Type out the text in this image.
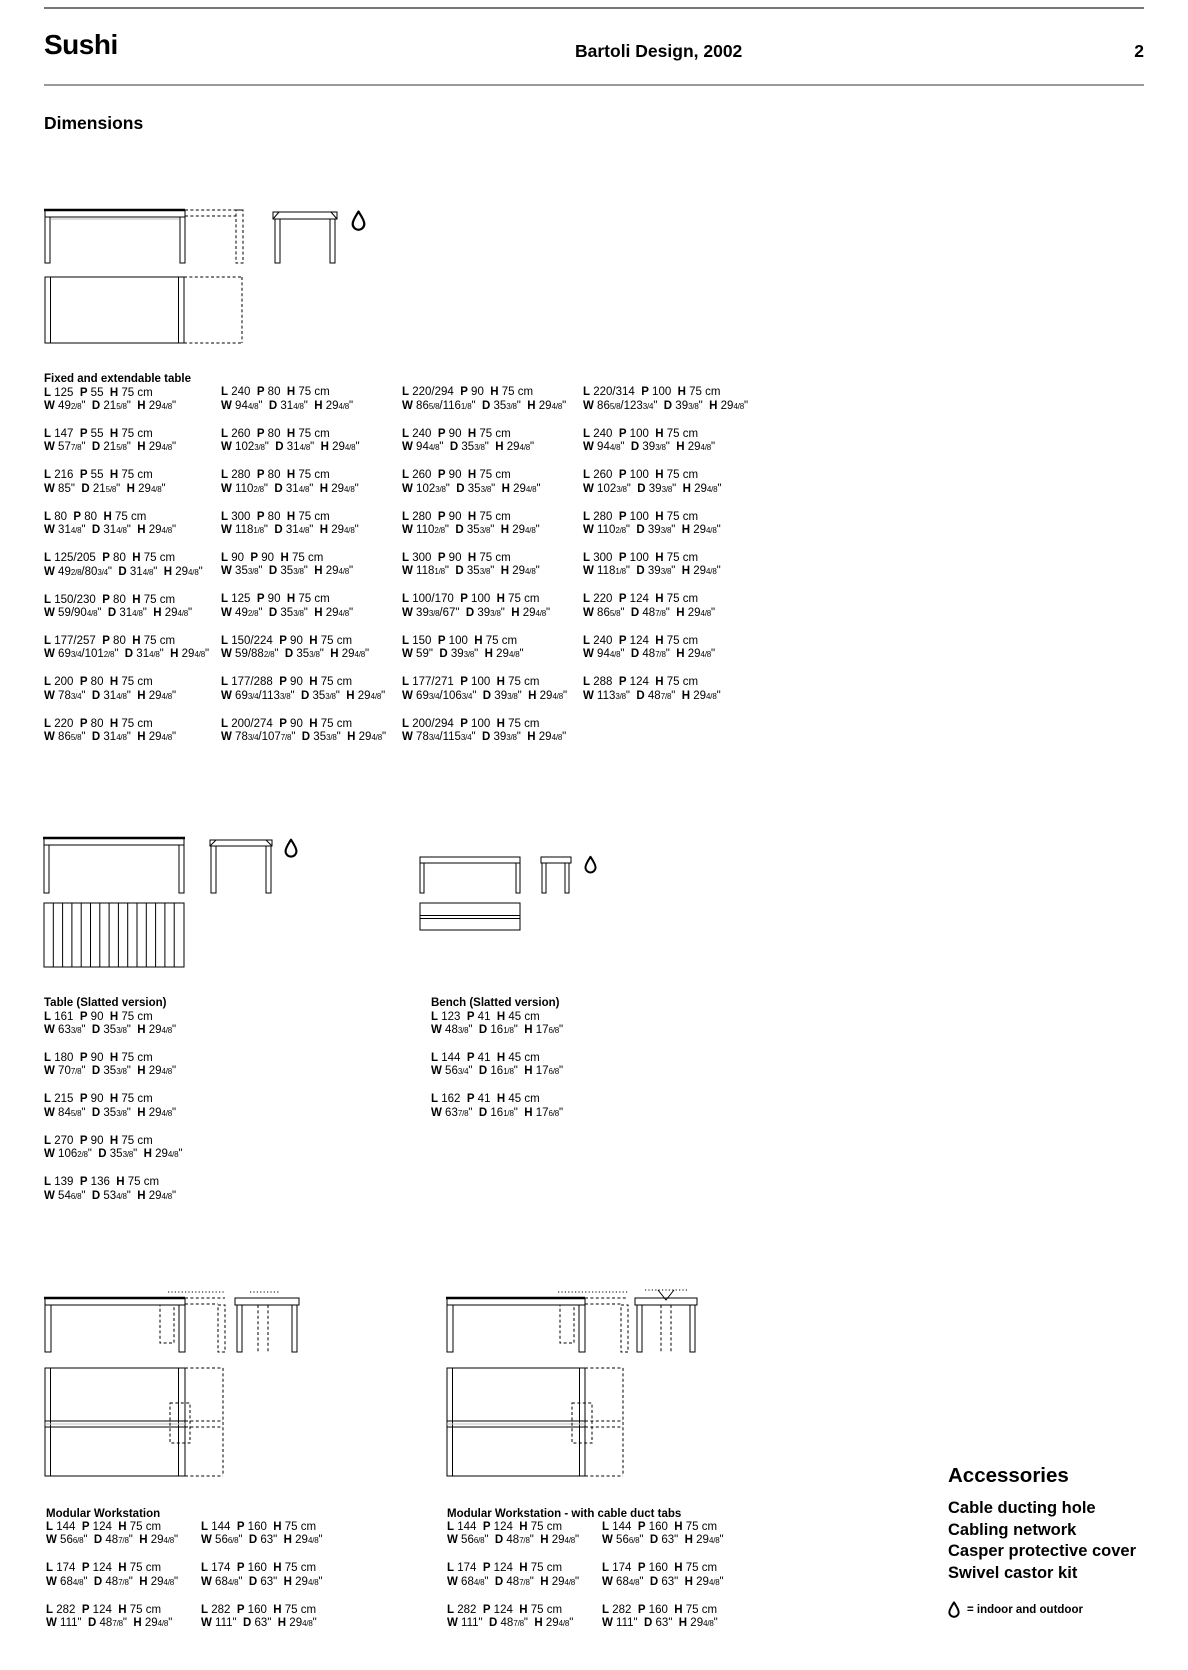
Sushi	Bartoli Design, 2002	2
Dimensions
Fixed and extendable table
L 125  P 55  H 75 cm
W 492/8"  D 215/8"  H 294/8"
L 147  P 55  H 75 cm
W 577/8"  D 215/8"  H 294/8"
L 216  P 55  H 75 cm
W 85"  D 215/8"  H 294/8"
L 80  P 80  H 75 cm
W 314/8"  D 314/8"  H 294/8"
L 125/205  P 80  H 75 cm
W 492/8/803/4"  D 314/8"  H 294/8"
L 150/230  P 80  H 75 cm
W 59/904/8"  D 314/8"  H 294/8"
L 177/257  P 80  H 75 cm
W 693/4/1012/8"  D 314/8"  H 294/8"
L 200  P 80  H 75 cm
W 783/4"  D 314/8"  H 294/8"
L 220  P 80  H 75 cm
W 865/8"  D 314/8"  H 294/8"
L 240  P 80  H 75 cm
W 944/8"  D 314/8"  H 294/8"
L 260  P 80  H 75 cm
W 1023/8"  D 314/8"  H 294/8"
L 280  P 80  H 75 cm
W 1102/8"  D 314/8"  H 294/8"
L 300  P 80  H 75 cm
W 1181/8"  D 314/8"  H 294/8"
L 90  P 90  H 75 cm
W 353/8"  D 353/8"  H 294/8"
L 125  P 90  H 75 cm
W 492/8"  D 353/8"  H 294/8"
L 150/224  P 90  H 75 cm
W 59/882/8"  D 353/8"  H 294/8"
L 177/288  P 90  H 75 cm
W 693/4/1133/8"  D 353/8"  H 294/8"
L 200/274  P 90  H 75 cm
W 783/4/1077/8"  D 353/8"  H 294/8"
L 220/294  P 90  H 75 cm
W 865/8/1161/8"  D 353/8"  H 294/8"
L 240  P 90  H 75 cm
W 944/8"  D 353/8"  H 294/8"
L 260  P 90  H 75 cm
W 1023/8"  D 353/8"  H 294/8"
L 280  P 90  H 75 cm
W 1102/8"  D 353/8"  H 294/8"
L 300  P 90  H 75 cm
W 1181/8"  D 353/8"  H 294/8"
L 100/170  P 100  H 75 cm
W 393/8/67"  D 393/8"  H 294/8"
L 150  P 100  H 75 cm
W 59"  D 393/8"  H 294/8"
L 177/271  P 100  H 75 cm
W 693/4/1063/4"  D 393/8"  H 294/8"
L 200/294  P 100  H 75 cm
W 783/4/1153/4"  D 393/8"  H 294/8"
L 220/314  P 100  H 75 cm
W 865/8/1233/4"  D 393/8"  H 294/8"
L 240  P 100  H 75 cm
W 944/8"  D 393/8"  H 294/8"
L 260  P 100  H 75 cm
W 1023/8"  D 393/8"  H 294/8"
L 280  P 100  H 75 cm
W 1102/8"  D 393/8"  H 294/8"
L 300  P 100  H 75 cm
W 1181/8"  D 393/8"  H 294/8"
L 220  P 124  H 75 cm
W 865/8"  D 487/8"  H 294/8"
L 240  P 124  H 75 cm
W 944/8"  D 487/8"  H 294/8"
L 288  P 124  H 75 cm
W 1133/8"  D 487/8"  H 294/8"
Table (Slatted version)
L 161  P 90  H 75 cm
W 633/8"  D 353/8"  H 294/8"
L 180  P 90  H 75 cm
W 707/8"  D 353/8"  H 294/8"
L 215  P 90  H 75 cm
W 845/8"  D 353/8"  H 294/8"
L 270  P 90  H 75 cm
W 1062/8"  D 353/8"  H 294/8"
L 139  P 136  H 75 cm
W 546/8"  D 534/8"  H 294/8"
Bench (Slatted version)
L 123  P 41  H 45 cm
W 483/8"  D 161/8"  H 176/8"
L 144  P 41  H 45 cm
W 563/4"  D 161/8"  H 176/8"
L 162  P 41  H 45 cm
W 637/8"  D 161/8"  H 176/8"
Modular Workstation
L 144  P 124  H 75 cm
W 566/8"  D 487/8"  H 294/8"
L 174  P 124  H 75 cm
W 684/8"  D 487/8"  H 294/8"
L 282  P 124  H 75 cm
W 111"  D 487/8"  H 294/8"
L 144  P 160  H 75 cm
W 566/8"  D 63"  H 294/8"
L 174  P 160  H 75 cm
W 684/8"  D 63"  H 294/8"
L 282  P 160  H 75 cm
W 111"  D 63"  H 294/8"
Modular Workstation - with cable duct tabs
L 144  P 124  H 75 cm
W 566/8"  D 487/8"  H 294/8"
L 174  P 124  H 75 cm
W 684/8"  D 487/8"  H 294/8"
L 282  P 124  H 75 cm
W 111"  D 487/8"  H 294/8"
L 144  P 160  H 75 cm
W 566/8"  D 63"  H 294/8"
L 174  P 160  H 75 cm
W 684/8"  D 63"  H 294/8"
L 282  P 160  H 75 cm
W 111"  D 63"  H 294/8"
Accessories
Cable ducting hole
Cabling network
Casper protective cover
Swivel castor kit
= indoor and outdoor
